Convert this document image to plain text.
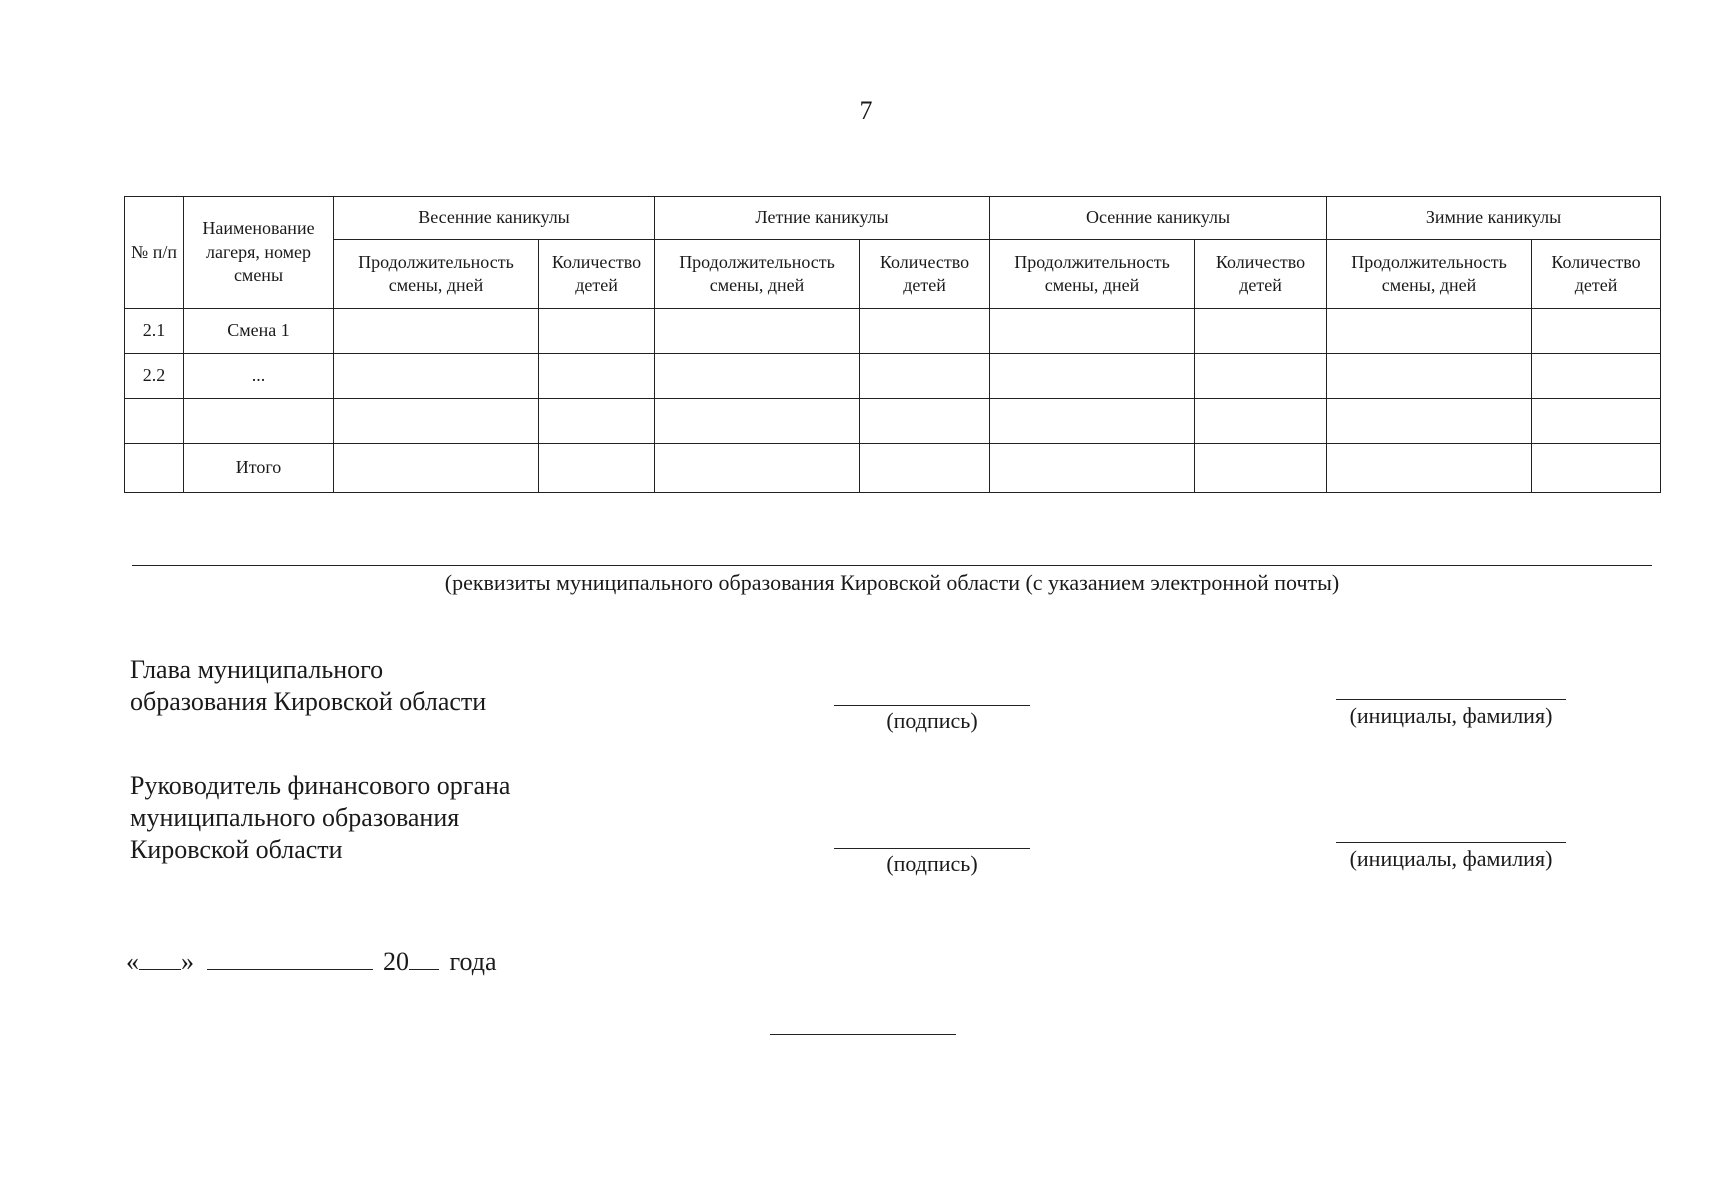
7
№ п/п	Наименование лагеря, номер смены	Весенние каникулы		Летние каникулы		Осенние каникулы		Зимние каникулы	
		Продолжительность смены, дней	Количество детей	Продолжительность смены, дней	Количество детей	Продолжительность смены, дней	Количество детей	Продолжительность смены, дней	Количество детей
2.1	Смена 1								
2.2	...								

	Итого								
(реквизиты муниципального образования Кировской области (с указанием электронной почты)
Глава муниципального
образования Кировской области
(подпись)	(инициалы, фамилия)
Руководитель финансового органа
муниципального образования
Кировской области	(подпись)	(инициалы, фамилия)
« »	20 года
